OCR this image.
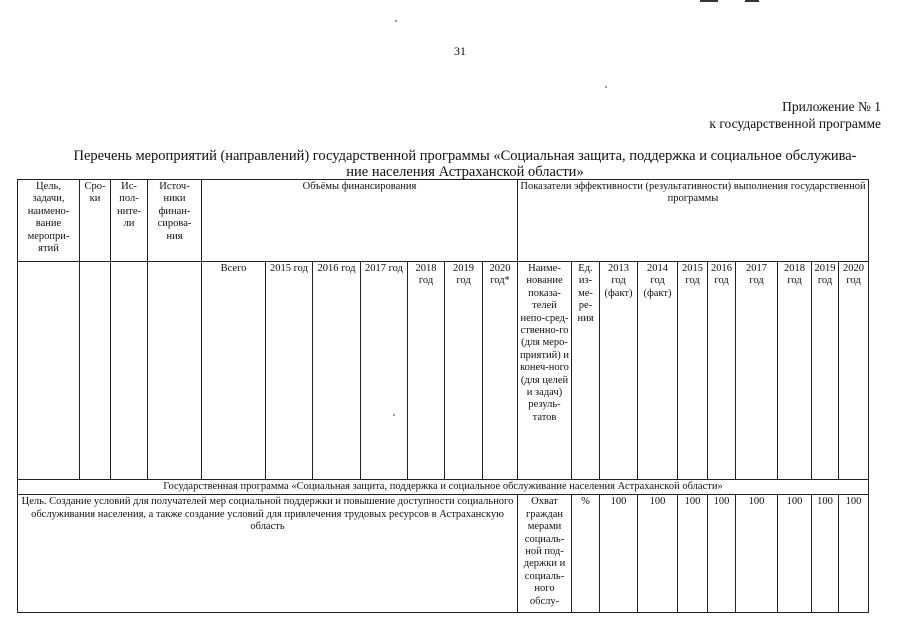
31
Приложение № 1
к государственной программе
Перечень мероприятий (направлений) государственной программы «Социальная защита, поддержка и социальное обслужива-
ние населения Астраханской области»
Цель, задачи, наимено-вание меропри-ятий	Сро-ки	Ис-пол-ните-ли	Источ-ники финан-сирова-ния	Объёмы финансирования							Показатели эффективности (результативности) выполнения государственной программы									
				Всего	2015 год	2016 год	2017 год	2018 год	2019 год	2020 год*	Наиме-нование показа-телей непо-сред-ственно-го (для меро-приятий) и конеч-ного (для целей и задач) резуль-татов	Ед. из-ме-ре-ния	2013 год (факт)	2014 год (факт)	2015 год	2016 год	2017 год	2018 год	2019 год	2020 год
Государственная программа «Социальная защита, поддержка и социальное обслуживание населения Астраханской области»																				
Цель. Создание условий для получателей мер социальной поддержки и повышение доступности социального обслуживания населения, а также создание условий для привлечения трудовых ресурсов в Астраханскую область											Охват граждан мерами социаль-ной под-держки и социаль-ного обслу-	%	100	100	100	100	100	100	100	100
